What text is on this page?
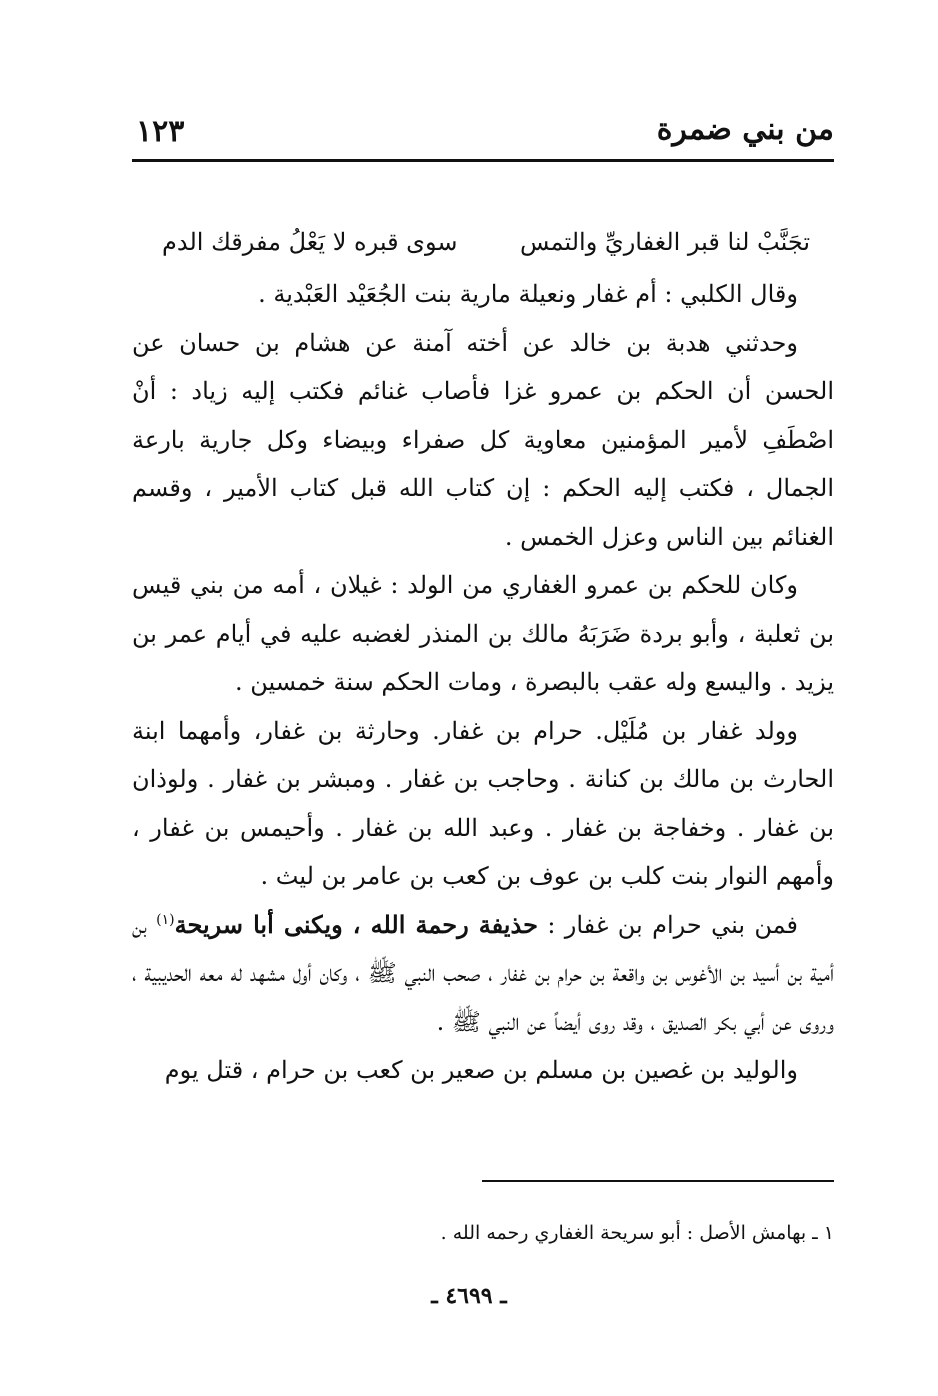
من بني ضمرة
١٢٣
تجَنَّبْ لنا قبر الغفاريِّ والتمس
سوى قبره لا يَعْلُ مفرقك الدم

وقال الكلبي : أم غفار ونعيلة مارية بنت الجُعَيْد العَبْدية .

وحدثني هدبة بن خالد عن أخته آمنة عن هشام بن حسان عن الحسن أن الحكم بن عمرو غزا فأصاب غنائم فكتب إليه زياد : أنْ اصْطَفِ لأمير المؤمنين معاوية كل صفراء وبيضاء وكل جارية بارعة الجمال ، فكتب إليه الحكم : إن كتاب الله قبل كتاب الأمير ، وقسم الغنائم بين الناس وعزل الخمس .

وكان للحكم بن عمرو الغفاري من الولد : غيلان ، أمه من بني قيس بن ثعلبة ، وأبو بردة ضَرَبَهُ مالك بن المنذر لغضبه عليه في أيام عمر بن يزيد . واليسع وله عقب بالبصرة ، ومات الحكم سنة خمسين .

وولد غفار بن مُلَيْل. حرام بن غفار. وحارثة بن غفار، وأمهما ابنة الحارث بن مالك بن كنانة . وحاجب بن غفار . ومبشر بن غفار . ولوذان بن غفار . وخفاجة بن غفار . وعبد الله بن غفار . وأحيمس بن غفار ، وأمهم النوار بنت كلب بن عوف بن كعب بن عامر بن ليث .

فمن بني حرام بن غفار : حذيفة رحمة الله ، ويكنى أبا سريحة$^{(١)}$ بن أمية بن أسيد بن الأغوس بن واقعة بن حرام بن غفار ، صحب النبي ﷺ ، وكان أول مشهد له معه الحديبية ، وروى عن أبي بكر الصديق ، وقد روى أيضاً عن النبي ﷺ .

والوليد بن غصين بن مسلم بن صعير بن كعب بن حرام ، قتل يوم

١ ـ بهامش الأصل : أبو سريحة الغفاري رحمه الله .
ـ ٤٦٩٩ ـ
